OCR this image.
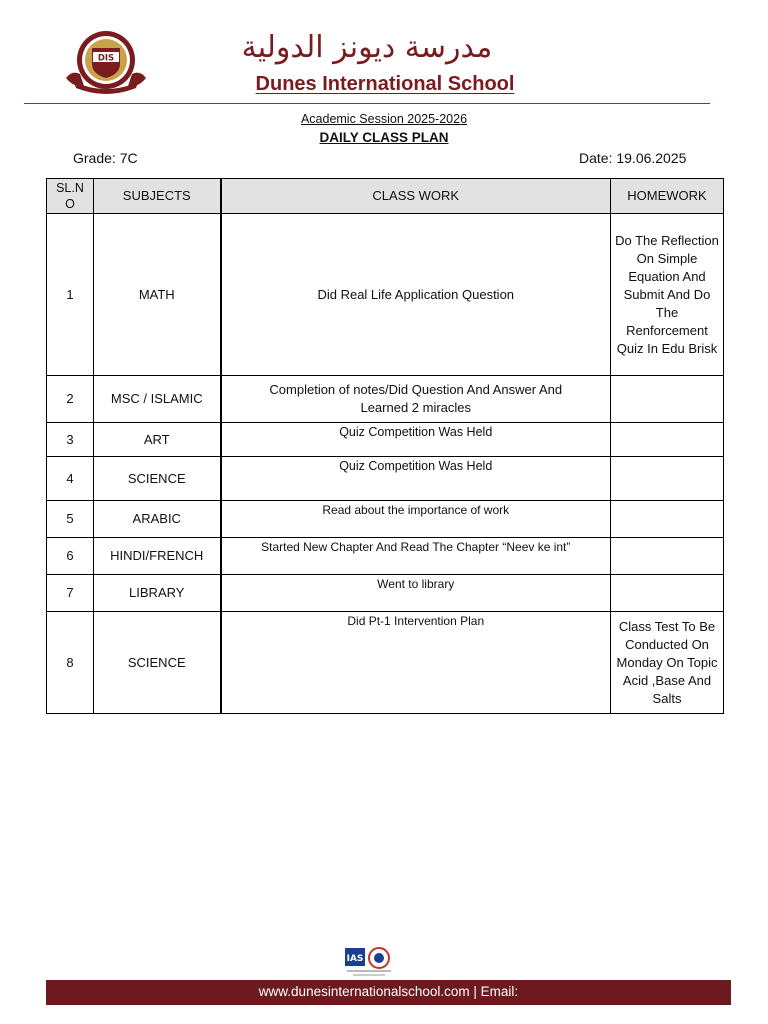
DIS	مدرسة ديونز الدولية
Dunes International School
Academic Session 2025-2026
DAILY CLASS PLAN
Grade: 7C	Date: 19.06.2025
SL.N O	SUBJECTS	CLASS WORK	HOMEWORK
1	MATH	Did Real Life Application Question	Do The Reflection On Simple Equation And Submit And Do The Renforcement Quiz In Edu Brisk
2	MSC / ISLAMIC	Completion of notes/Did Question And Answer And Learned 2 miracles	
3	ART	Quiz Competition Was Held	
4	SCIENCE	Quiz Competition Was Held	
5	ARABIC	Read about the importance of work	
6	HINDI/FRENCH	Started New Chapter And Read The Chapter “Neev ke int”	
7	LIBRARY	Went to library	
8	SCIENCE	Did Pt-1 Intervention Plan	Class Test To Be Conducted On Monday On Topic Acid ,Base And Salts
IAS
www.dunesinternationalschool.com | Email:
